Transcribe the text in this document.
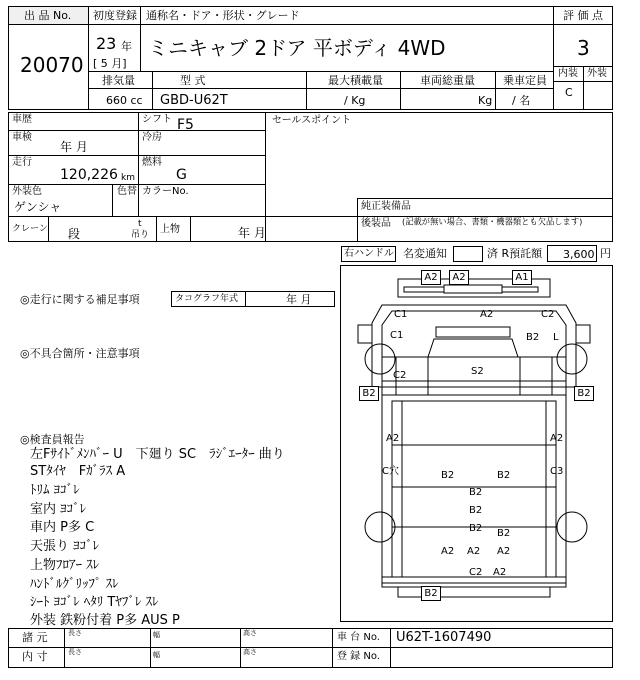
出 品 No.
20070
初度登録 通称名・ドア・形状・グレード
23 年
[ 5 月]
ミニキャブ 2ドア 平ボディ 4WD
評 価 点
3
内装 外装
C
排気量	型 式	最大積載量	車両総重量	乗車定員
660 cc GBD-U62T	/ Kg	Kg / 名
車歴	シフト F5
車検
年 月
冷房
走行
120,226 km
燃料
G
外装色
ゲンシャ
色替 カラーNo.
セールスポイント
純正装備品
後装品 (記載が無い場合、書類・機器類とも欠品します)
クレーン 段
t
吊り 上物	年 月
右ハンドル 名変通知	済 R預託額 3,600 円
◎走行に関する補足事項	タコグラフ年式	年 月
◎不具合箇所・注意事項
◎検査員報告
左Fｻｲﾄﾞﾒﾝﾊﾞｰ U　下廻り SC　ﾗｼﾞｴｰﾀｰ 曲り
STﾀｲﾔ　Fｶﾞﾗｽ A
ﾄﾘﾑ ﾖｺﾞﾚ
室内 ﾖｺﾞﾚ
車内 P多 C
天張り ﾖｺﾞﾚ
上物ﾌﾛｱｰ ｽﾚ
ﾊﾝﾄﾞﾙｸﾞﾘｯﾌﾟ ｽﾚ
ｼｰﾄ ﾖｺﾞﾚ ﾍﾀﾘ Tﾔﾌﾞﾚ ｽﾚ
外装 鉄粉付着 P多 AUS P
A2	A2	A1
B2	B2
B2
C1	A2	C2
C1	B2 L
C2	S2
A2	A2
C穴	C3
B2	B2
B2
B2
B2 B2
A2 A2 A2
C2 A2
諸 元
内 寸
長さ	幅	高さ
長さ	幅	高さ
車 台 No. U62T-1607490
登 録 No.
